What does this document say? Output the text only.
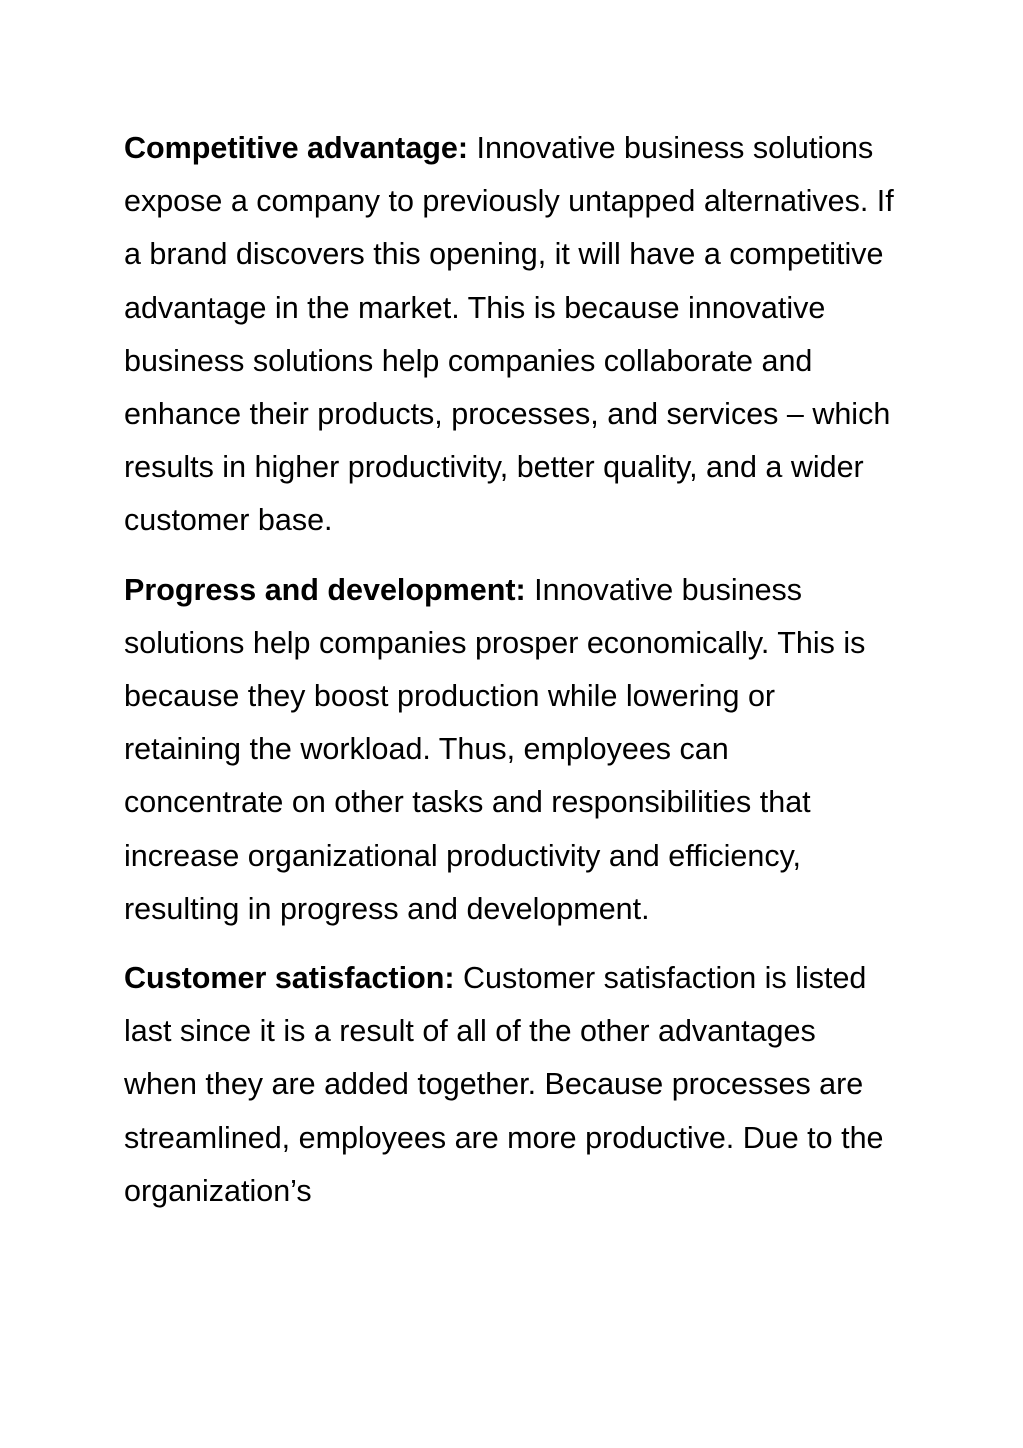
Competitive advantage: Innovative business solutions expose a company to previously untapped alternatives. If a brand discovers this opening, it will have a competitive advantage in the market. This is because innovative business solutions help companies collaborate and enhance their products, processes, and services – which results in higher productivity, better quality, and a wider customer base.

Progress and development: Innovative business solutions help companies prosper economically. This is because they boost production while lowering or retaining the workload. Thus, employees can concentrate on other tasks and responsibilities that increase organizational productivity and efficiency, resulting in progress and development.

Customer satisfaction: Customer satisfaction is listed last since it is a result of all of the other advantages when they are added together. Because processes are streamlined, employees are more productive. Due to the organization’s
